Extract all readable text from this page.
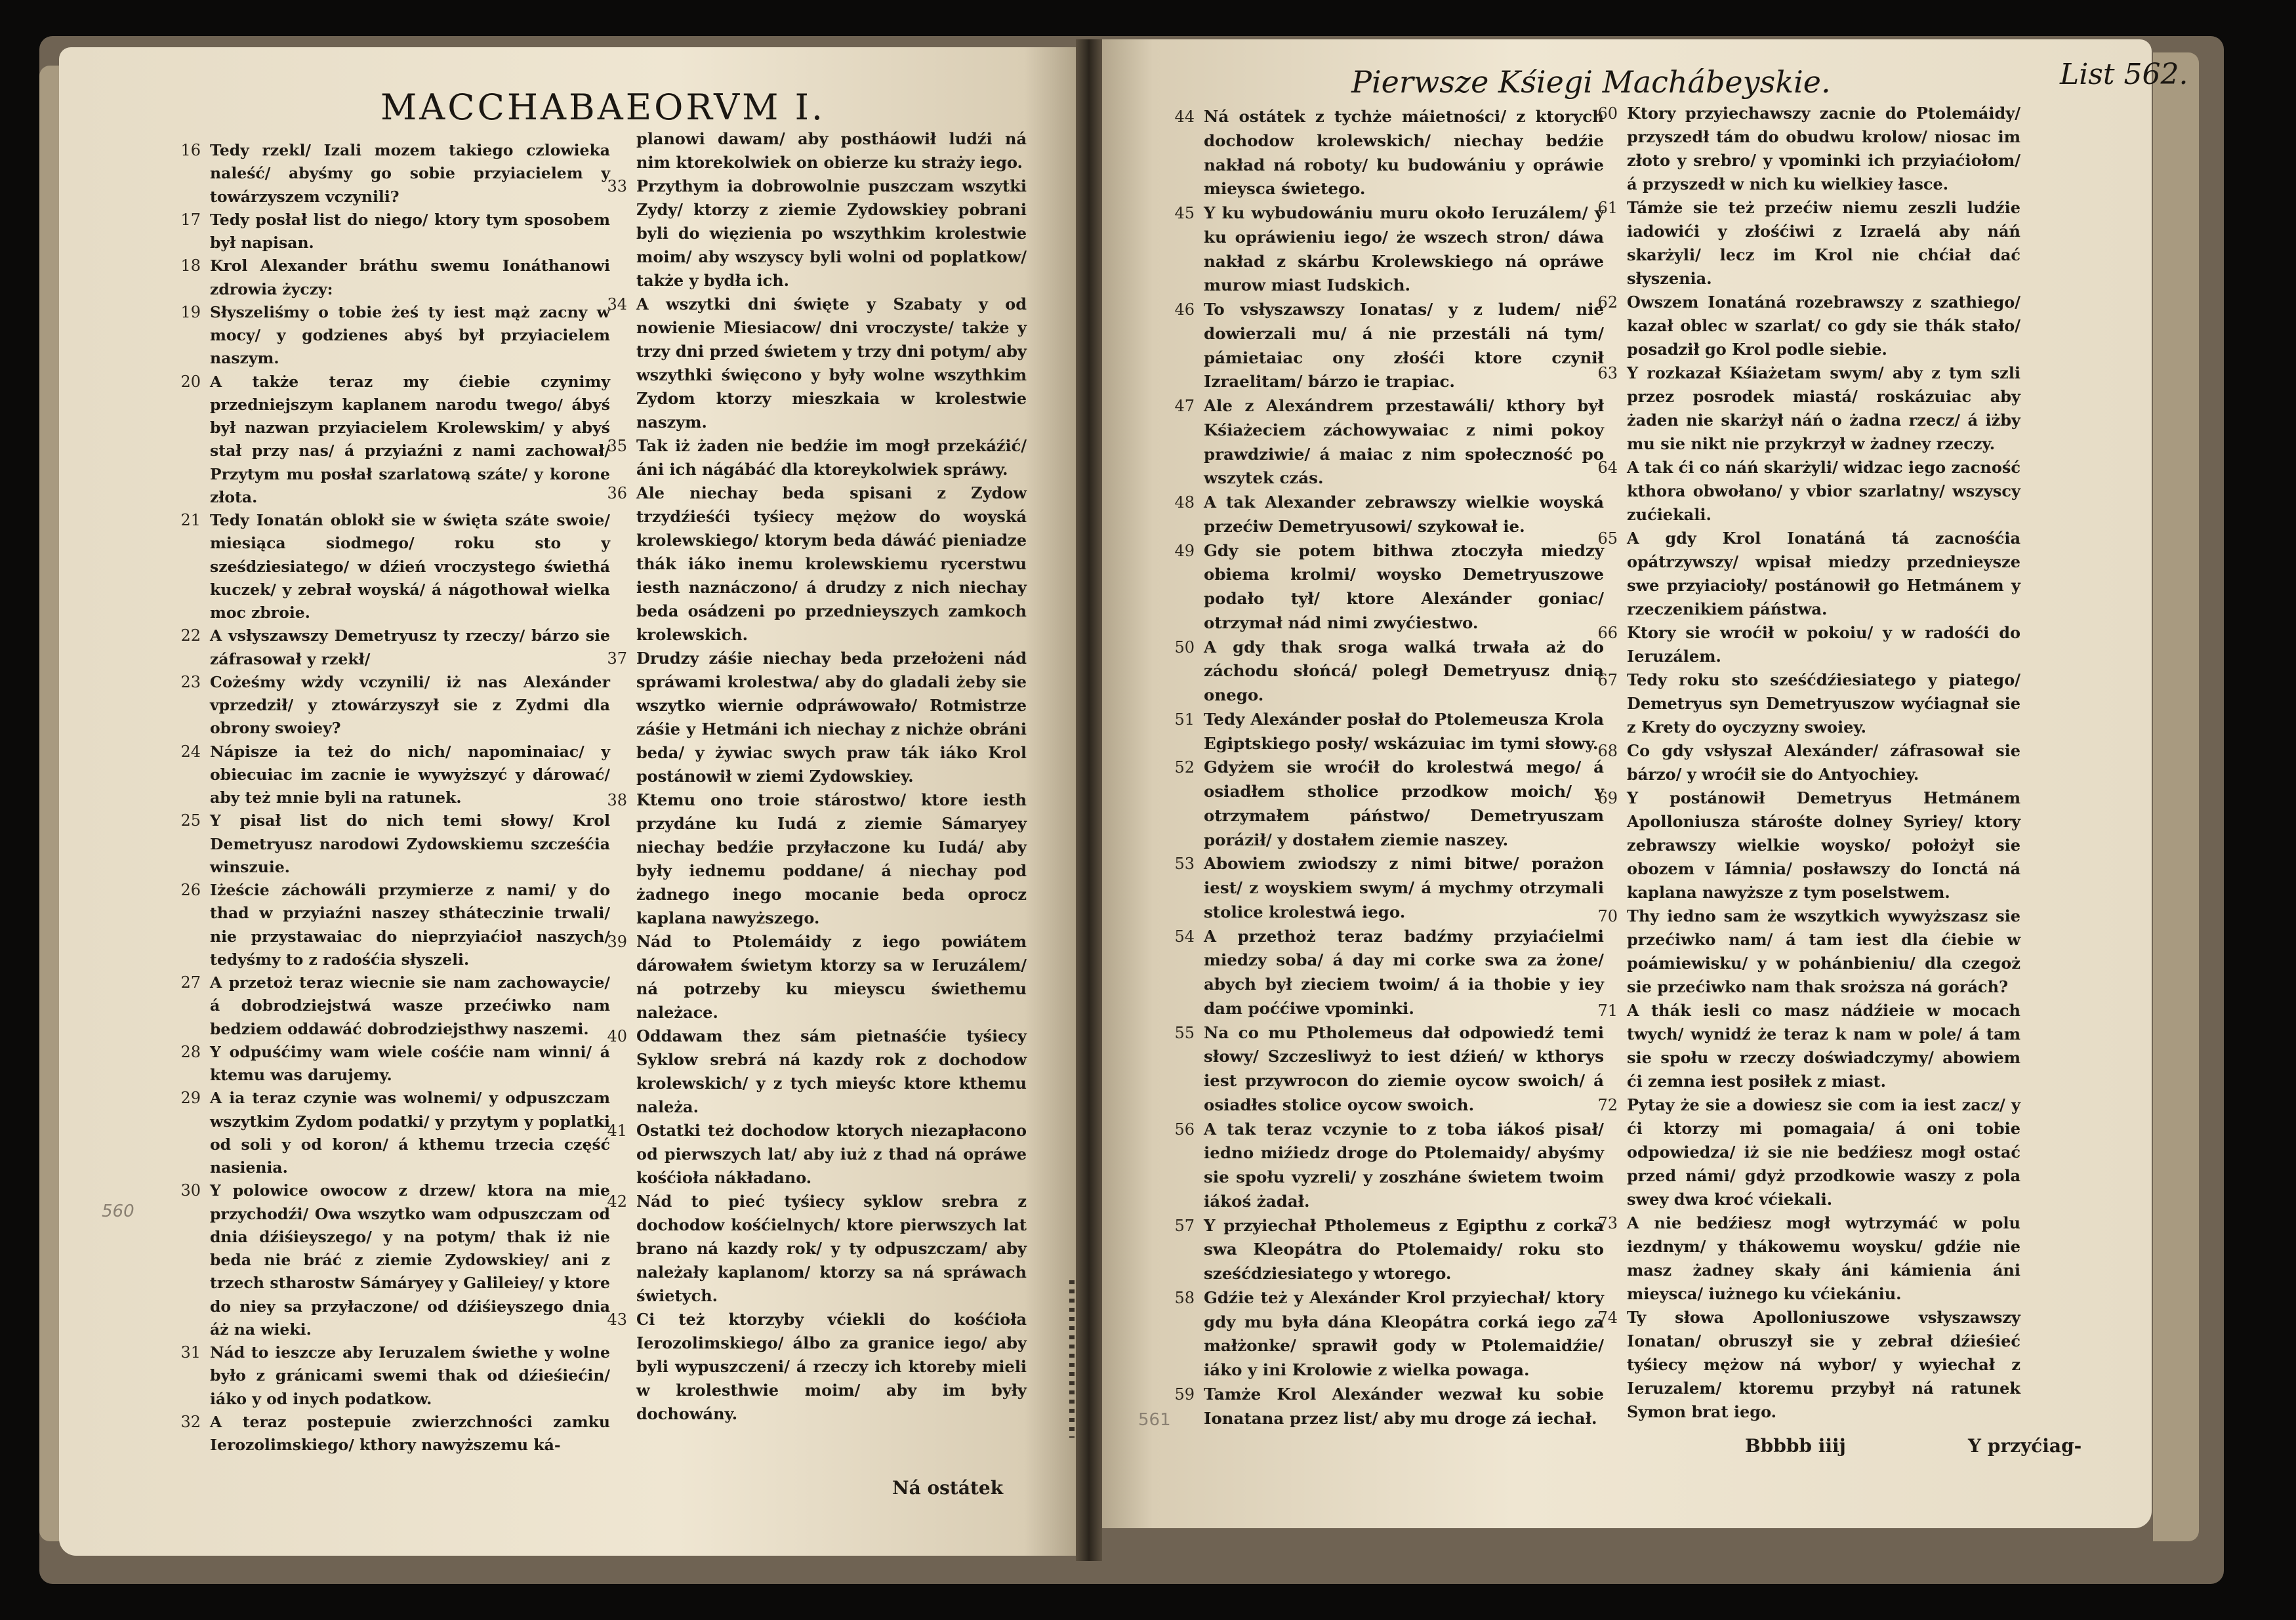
MACCHABAEORVM I.

16 Tedy rzekl/ Izali mozem takiego czlowieka naleść/ abyśmy go sobie przyiacielem y towárzyszem vczynili?

17 Tedy posłał list do niego/ ktory tym sposobem był napisan.

18 Krol Alexander bráthu swemu Ionáthanowi zdrowia życzy:

19 Słyszeliśmy o tobie żeś ty iest mąż zacny w mocy/ y godzienes abyś był przyiacielem naszym.

20 A także teraz my ćiebie czynimy przedniejszym kaplanem narodu twego/ ábyś był nazwan przyiacielem Krolewskim/ y abyś stał przy nas/ á przyiaźni z nami zachował/ Przytym mu posłał szarlatową száte/ y korone złota.

21 Tedy Ionatán oblokł sie w święta száte swoie/ miesiąca siodmego/ roku sto y sześdziesiatego/ w dźień vroczystego świethá kuczek/ y zebrał woyská/ á nágothował wielka moc zbroie.

22 A vsłyszawszy Demetryusz ty rzeczy/ bárzo sie záfrasował y rzekł/

23 Cożeśmy wżdy vczynili/ iż nas Alexánder vprzedził/ y ztowárzyszył sie z Zydmi dla obrony swoiey?

24 Nápisze ia też do nich/ napominaiac/ y obiecuiac im zacnie ie wywyższyć y dárować/ aby też mnie byli na ratunek.

25 Y pisał list do nich temi słowy/ Krol Demetryusz narodowi Zydowskiemu szcześćia winszuie.

26 Iżeście záchowáli przymierze z nami/ y do thad w przyiaźni naszey stháteczinie trwali/ nie przystawaiac do nieprzyiaćioł naszych/ tedyśmy to z radośćia słyszeli.

27 A przetoż teraz wiecnie sie nam zachowaycie/ á dobrodziejstwá wasze przećiwko nam bedziem oddawáć dobrodziejsthwy naszemi.

28 Y odpuśćimy wam wiele cośćie nam winni/ á ktemu was darujemy.

29 A ia teraz czynie was wolnemi/ y odpuszczam wszytkim Zydom podatki/ y przytym y poplatki od soli y od koron/ á kthemu trzecia część nasienia.

30 Y polowice owocow z drzew/ ktora na mie przychodźi/ Owa wszytko wam odpuszczam od dnia dźiśieyszego/ y na potym/ thak iż nie beda nie bráć z ziemie Zydowskiey/ ani z trzech stharostw Sámáryey y Galileiey/ y ktore do niey sa przyłaczone/ od dźiśieyszego dnia áż na wieki.

31 Nád to ieszcze aby Ieruzalem świethe y wolne było z gránicami swemi thak od dźieśiećin/ iáko y od inych podatkow.

32 A teraz postepuie zwierzchności zamku Ierozolimskiego/ kthory nawyższemu ká-

planowi dawam/ aby postháowił ludźi ná nim ktorekolwiek on obierze ku straży iego.

33 Przythym ia dobrowolnie puszczam wszytki Zydy/ ktorzy z ziemie Zydowskiey pobrani byli do więzienia po wszythkim krolestwie moim/ aby wszyscy byli wolni od poplatkow/ także y bydła ich.

34 A wszytki dni święte y Szabaty y od nowienie Miesiacow/ dni vroczyste/ także y trzy dni przed świetem y trzy dni potym/ aby wszythki święcono y były wolne wszythkim Zydom ktorzy mieszkaia w krolestwie naszym.

35 Tak iż żaden nie bedźie im mogł przekáźić/ áni ich nágábáć dla ktoreykolwiek spráwy.

36 Ale niechay beda spisani z Zydow trzydźieśći tyśiecy mężow do woyská krolewskiego/ ktorym beda dáwáć pieniadze thák iáko inemu krolewskiemu rycerstwu iesth naznáczono/ á drudzy z nich niechay beda osádzeni po przednieyszych zamkoch krolewskich.

37 Drudzy záśie niechay beda przełożeni nád spráwami krolestwa/ aby do gladali żeby sie wszytko wiernie odpráwowało/ Rotmistrze záśie y Hetmáni ich niechay z nichże obráni beda/ y żywiac swych praw ták iáko Krol postánowił w ziemi Zydowskiey.

38 Ktemu ono troie stárostwo/ ktore iesth przydáne ku Iudá z ziemie Sámaryey niechay bedźie przyłaczone ku Iudá/ aby były iednemu poddane/ á niechay pod żadnego inego mocanie beda oprocz kaplana nawyższego.

39 Nád to Ptolemáidy z iego powiátem dárowałem świetym ktorzy sa w Ieruzálem/ ná potrzeby ku mieyscu świethemu należace.

40 Oddawam thez sám pietnaśćie tyśiecy Syklow srebrá ná kazdy rok z dochodow krolewskich/ y z tych mieyśc ktore kthemu należa.

41 Ostatki też dochodow ktorych niezapłacono od pierwszych lat/ aby iuż z thad ná opráwe kośćioła nákładano.

42 Nád to pieć tyśiecy syklow srebra z dochodow kośćielnych/ ktore pierwszych lat brano ná kazdy rok/ y ty odpuszczam/ aby należały kaplanom/ ktorzy sa ná spráwach świetych.

43 Ci też ktorzyby vćiekli do kośćioła Ierozolimskiego/ álbo za granice iego/ aby byli wypuszczeni/ á rzeczy ich ktoreby mieli w krolesthwie moim/ aby im były dochowány.

Ná ostátek
560
Pierwsze Kśiegi Machábeyskie.	List 562.

44 Ná ostátek z tychże máietności/ z ktorych dochodow krolewskich/ niechay bedźie nakład ná roboty/ ku budowániu y opráwie mieysca świetego.

45 Y ku wybudowániu muru około Ieruzálem/ y ku opráwieniu iego/ że wszech stron/ dáwa nakład z skárbu Krolewskiego ná opráwe murow miast Iudskich.

46 To vsłyszawszy Ionatas/ y z ludem/ nie dowierzali mu/ á nie przestáli ná tym/ pámietaiac ony złośći ktore czynił Izraelitam/ bárzo ie trapiac.

47 Ale z Alexándrem przestawáli/ kthory był Kśiażeciem záchowywaiac z nimi pokoy prawdziwie/ á maiac z nim społeczność po wszytek czás.

48 A tak Alexander zebrawszy wielkie woyská przećiw Demetryusowi/ szykował ie.

49 Gdy sie potem bithwa ztoczyła miedzy obiema krolmi/ woysko Demetryuszowe podało tył/ ktore Alexánder goniac/ otrzymał nád nimi zwyćiestwo.

50 A gdy thak sroga walká trwała aż do záchodu słońcá/ poległ Demetryusz dnia onego.

51 Tedy Alexánder posłał do Ptolemeusza Krola Egiptskiego posły/ wskázuiac im tymi słowy.

52 Gdyżem sie wroćił do krolestwá mego/ á osiadłem stholice przodkow moich/ y otrzymałem páństwo/ Demetryuszam poráził/ y dostałem ziemie naszey.

53 Abowiem zwiodszy z nimi bitwe/ porażon iest/ z woyskiem swym/ á mychmy otrzymali stolice krolestwá iego.

54 A przethoż teraz badźmy przyiaćielmi miedzy soba/ á day mi corke swa za żone/ abych był zieciem twoim/ á ia thobie y iey dam poććiwe vpominki.

55 Na co mu Ptholemeus dał odpowiedź temi słowy/ Szczesliwyż to iest dźień/ w kthorys iest przywrocon do ziemie oycow swoich/ á osiadłes stolice oycow swoich.

56 A tak teraz vczynie to z toba iákoś pisał/ iedno miźiedz droge do Ptolemaidy/ abyśmy sie społu vyzreli/ y zoszháne świetem twoim iákoś żadał.

57 Y przyiechał Ptholemeus z Egipthu z corka swa Kleopátra do Ptolemaidy/ roku sto sześćdziesiatego y wtorego.

58 Gdźie też y Alexánder Krol przyiechał/ ktory gdy mu była dána Kleopátra corká iego za małżonke/ sprawił gody w Ptolemaidźie/ iáko y ini Krolowie z wielka powaga.

59 Tamże Krol Alexánder wezwał ku sobie Ionatana przez list/ aby mu droge zá iechał.

60 Ktory przyiechawszy zacnie do Ptolemáidy/ przyszedł tám do obudwu krolow/ niosac im złoto y srebro/ y vpominki ich przyiaćiołom/ á przyszedł w nich ku wielkiey łasce.

61 Támże sie też przećiw niemu zeszli ludźie iadowići y złośćiwi z Izraelá aby náń skarżyli/ lecz im Krol nie chćiał dać słyszenia.

62 Owszem Ionatáná rozebrawszy z szathiego/ kazał oblec w szarlat/ co gdy sie thák stało/ posadził go Krol podle siebie.

63 Y rozkazał Kśiażetam swym/ aby z tym szli przez posrodek miastá/ roskázuiac aby żaden nie skarżył náń o żadna rzecz/ á iżby mu sie nikt nie przykrzył w żadney rzeczy.

64 A tak ći co náń skarżyli/ widzac iego zacność kthora obwołano/ y vbior szarlatny/ wszyscy zućiekali.

65 A gdy Krol Ionatáná tá zacnośćia opátrzywszy/ wpisał miedzy przednieysze swe przyiacioły/ postánowił go Hetmánem y rzeczenikiem páństwa.

66 Ktory sie wroćił w pokoiu/ y w radośći do Ieruzálem.

67 Tedy roku sto sześćdźiesiatego y piatego/ Demetryus syn Demetryuszow wyćiagnał sie z Krety do oyczyzny swoiey.

68 Co gdy vsłyszał Alexánder/ záfrasował sie bárzo/ y wroćił sie do Antyochiey.

69 Y postánowił Demetryus Hetmánem Apolloniusza stárośte dolney Syriey/ ktory zebrawszy wielkie woysko/ położył sie obozem v Iámnia/ posławszy do Ionctá ná kaplana nawyższe z tym poselstwem.

70 Thy iedno sam że wszytkich wywyższasz sie przećiwko nam/ á tam iest dla ćiebie w poámiewisku/ y w pohánbieniu/ dla czegoż sie przećiwko nam thak sroższa ná gorách?

71 A thák iesli co masz nádźieie w mocach twych/ wynidź że teraz k nam w pole/ á tam sie społu w rzeczy doświadczymy/ abowiem ći zemna iest posiłek z miast.

72 Pytay że sie a dowiesz sie com ia iest zacz/ y ći ktorzy mi pomagaia/ á oni tobie odpowiedza/ iż sie nie bedźiesz mogł ostać przed námi/ gdyż przodkowie waszy z pola swey dwa kroć vćiekali.

73 A nie bedźiesz mogł wytrzymáć w polu iezdnym/ y thákowemu woysku/ gdźie nie masz żadney skały áni kámienia áni mieysca/ iużnego ku vćiekániu.

74 Ty słowa Apolloniuszowe vsłyszawszy Ionatan/ obruszył sie y zebrał dźieśieć tyśiecy mężow ná wybor/ y wyiechał z Ieruzalem/ ktoremu przybył ná ratunek Symon brat iego.

Bbbbb iiij	Y przyćiag-
561
